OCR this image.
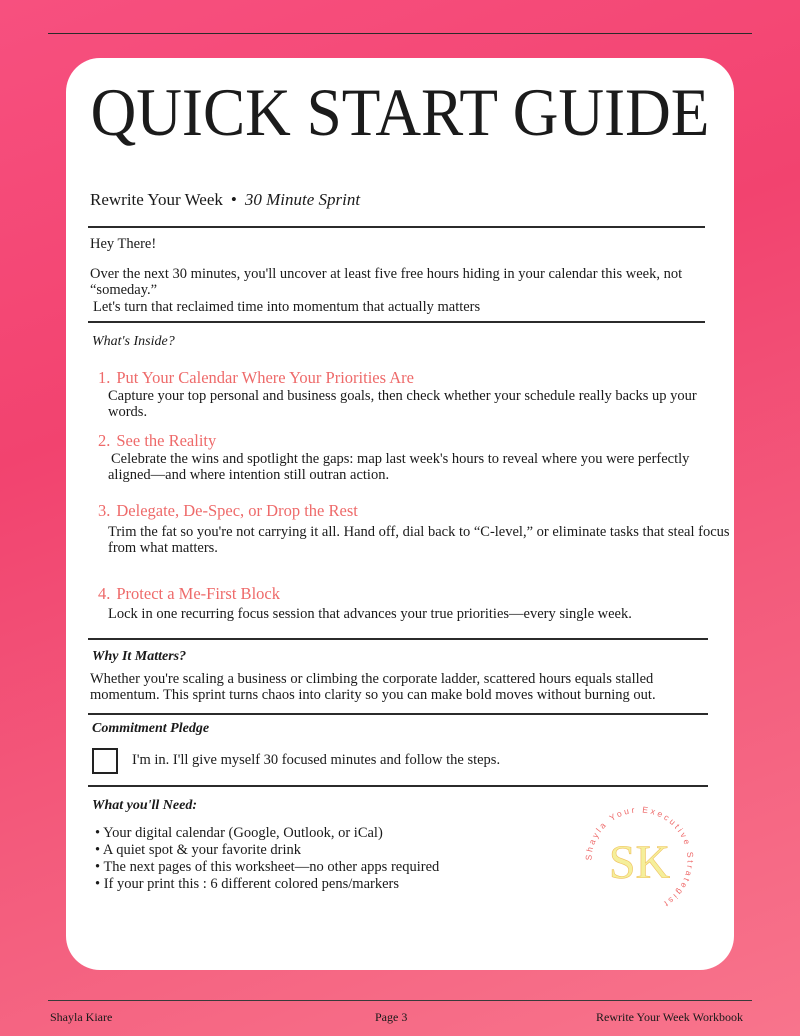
QUICK START GUIDE
Rewrite Your Week • 30 Minute Sprint
Hey There!
Over the next 30 minutes, you'll uncover at least five free hours hiding in your calendar this week, not
“someday.”
Let's turn that reclaimed time into momentum that actually matters
What's Inside?
1. Put Your Calendar Where Your Priorities Are
Capture your top personal and business goals, then check whether your schedule really backs up your
words.
2. See the Reality
Celebrate the wins and spotlight the gaps: map last week's hours to reveal where you were perfectly
aligned—and where intention still outran action.
3. Delegate, De-Spec, or Drop the Rest
Trim the fat so you're not carrying it all. Hand off, dial back to “C-level,” or eliminate tasks that steal focus
from what matters.
4. Protect a Me-First Block
Lock in one recurring focus session that advances your true priorities—every single week.
Why It Matters?
Whether you're scaling a business or climbing the corporate ladder, scattered hours equals stalled
momentum. This sprint turns chaos into clarity so you can make bold moves without burning out.
Commitment Pledge
I'm in. I'll give myself 30 focused minutes and follow the steps.
What you'll Need:
• Your digital calendar (Google, Outlook, or iCal)
• A quiet spot & your favorite drink
• The next pages of this worksheet—no other apps required
• If your print this : 6 different colored pens/markers
Shayla Your Executive Strategist
SK
Shayla Kiare	Page 3	Rewrite Your Week Workbook
